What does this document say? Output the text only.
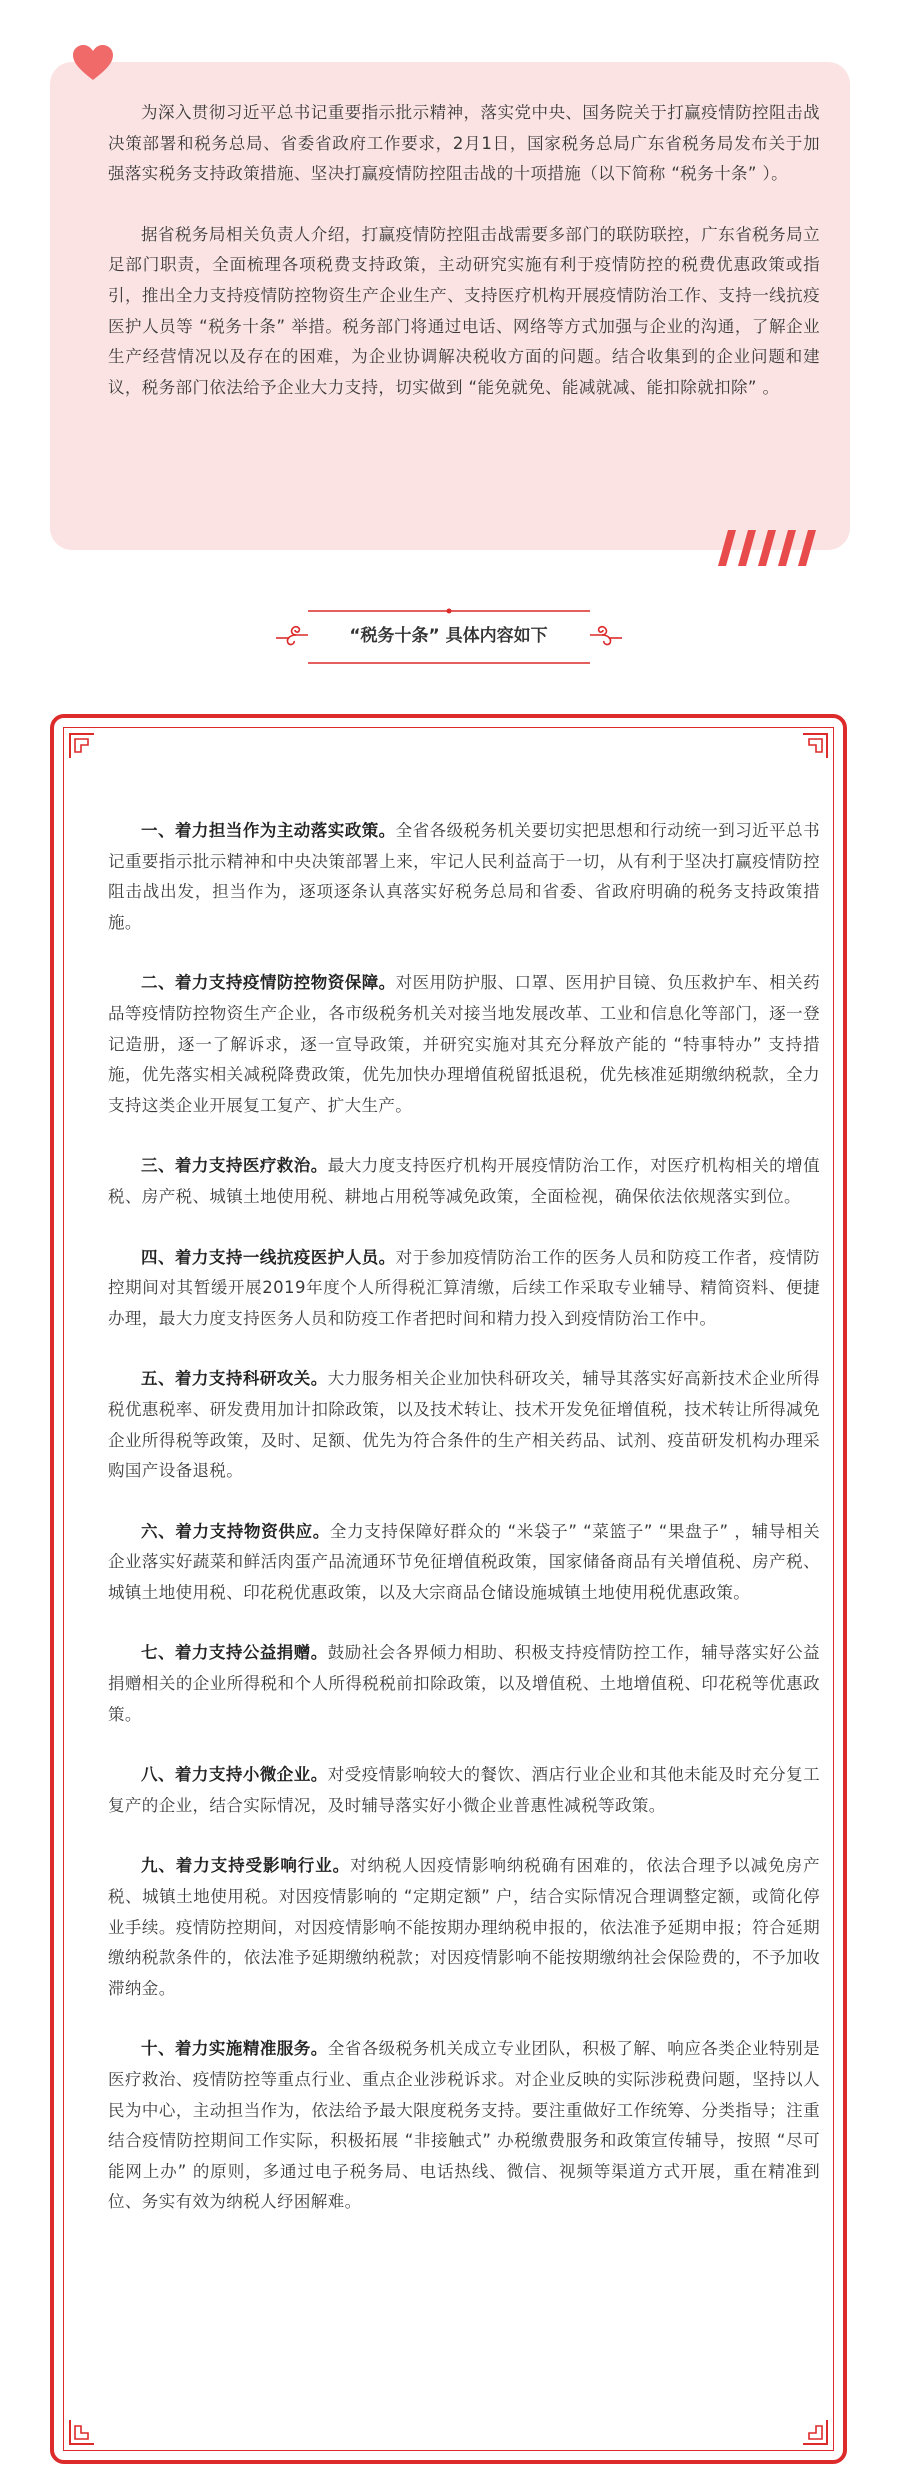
为深入贯彻习近平总书记重要指示批示精神，落实党中央、国务院关于打赢疫情防控阻击战决策部署和税务总局、省委省政府工作要求，2月1日，国家税务总局广东省税务局发布关于加强落实税务支持政策措施、坚决打赢疫情防控阻击战的十项措施（以下简称 “税务十条” ）。

据省税务局相关负责人介绍，打赢疫情防控阻击战需要多部门的联防联控，广东省税务局立足部门职责，全面梳理各项税费支持政策，主动研究实施有利于疫情防控的税费优惠政策或指引，推出全力支持疫情防控物资生产企业生产、支持医疗机构开展疫情防治工作、支持一线抗疫医护人员等 “税务十条” 举措。税务部门将通过电话、网络等方式加强与企业的沟通，了解企业生产经营情况以及存在的困难，为企业协调解决税收方面的问题。结合收集到的企业问题和建议，税务部门依法给予企业大力支持，切实做到 “能免就免、能减就减、能扣除就扣除” 。

“税务十条” 具体内容如下

一、着力担当作为主动落实政策。全省各级税务机关要切实把思想和行动统一到习近平总书记重要指示批示精神和中央决策部署上来，牢记人民利益高于一切，从有利于坚决打赢疫情防控阻击战出发，担当作为，逐项逐条认真落实好税务总局和省委、省政府明确的税务支持政策措施。

二、着力支持疫情防控物资保障。对医用防护服、口罩、医用护目镜、负压救护车、相关药品等疫情防控物资生产企业，各市级税务机关对接当地发展改革、工业和信息化等部门，逐一登记造册，逐一了解诉求，逐一宣导政策，并研究实施对其充分释放产能的 “特事特办” 支持措施，优先落实相关减税降费政策，优先加快办理增值税留抵退税，优先核准延期缴纳税款，全力支持这类企业开展复工复产、扩大生产。

三、着力支持医疗救治。最大力度支持医疗机构开展疫情防治工作，对医疗机构相关的增值税、房产税、城镇土地使用税、耕地占用税等减免政策，全面检视，确保依法依规落实到位。

四、着力支持一线抗疫医护人员。对于参加疫情防治工作的医务人员和防疫工作者，疫情防控期间对其暂缓开展2019年度个人所得税汇算清缴，后续工作采取专业辅导、精简资料、便捷办理，最大力度支持医务人员和防疫工作者把时间和精力投入到疫情防治工作中。

五、着力支持科研攻关。大力服务相关企业加快科研攻关，辅导其落实好高新技术企业所得税优惠税率、研发费用加计扣除政策，以及技术转让、技术开发免征增值税，技术转让所得减免企业所得税等政策，及时、足额、优先为符合条件的生产相关药品、试剂、疫苗研发机构办理采购国产设备退税。

六、着力支持物资供应。全力支持保障好群众的 “米袋子” “菜篮子” “果盘子” ，辅导相关企业落实好蔬菜和鲜活肉蛋产品流通环节免征增值税政策，国家储备商品有关增值税、房产税、城镇土地使用税、印花税优惠政策，以及大宗商品仓储设施城镇土地使用税优惠政策。

七、着力支持公益捐赠。鼓励社会各界倾力相助、积极支持疫情防控工作，辅导落实好公益捐赠相关的企业所得税和个人所得税税前扣除政策，以及增值税、土地增值税、印花税等优惠政策。

八、着力支持小微企业。对受疫情影响较大的餐饮、酒店行业企业和其他未能及时充分复工复产的企业，结合实际情况，及时辅导落实好小微企业普惠性减税等政策。

九、着力支持受影响行业。对纳税人因疫情影响纳税确有困难的，依法合理予以减免房产税、城镇土地使用税。对因疫情影响的 “定期定额” 户，结合实际情况合理调整定额，或简化停业手续。疫情防控期间，对因疫情影响不能按期办理纳税申报的，依法准予延期申报；符合延期缴纳税款条件的，依法准予延期缴纳税款；对因疫情影响不能按期缴纳社会保险费的，不予加收滞纳金。

十、着力实施精准服务。全省各级税务机关成立专业团队，积极了解、响应各类企业特别是医疗救治、疫情防控等重点行业、重点企业涉税诉求。对企业反映的实际涉税费问题，坚持以人民为中心，主动担当作为，依法给予最大限度税务支持。要注重做好工作统筹、分类指导；注重结合疫情防控期间工作实际，积极拓展 “非接触式” 办税缴费服务和政策宣传辅导，按照 “尽可能网上办” 的原则，多通过电子税务局、电话热线、微信、视频等渠道方式开展，重在精准到位、务实有效为纳税人纾困解难。
